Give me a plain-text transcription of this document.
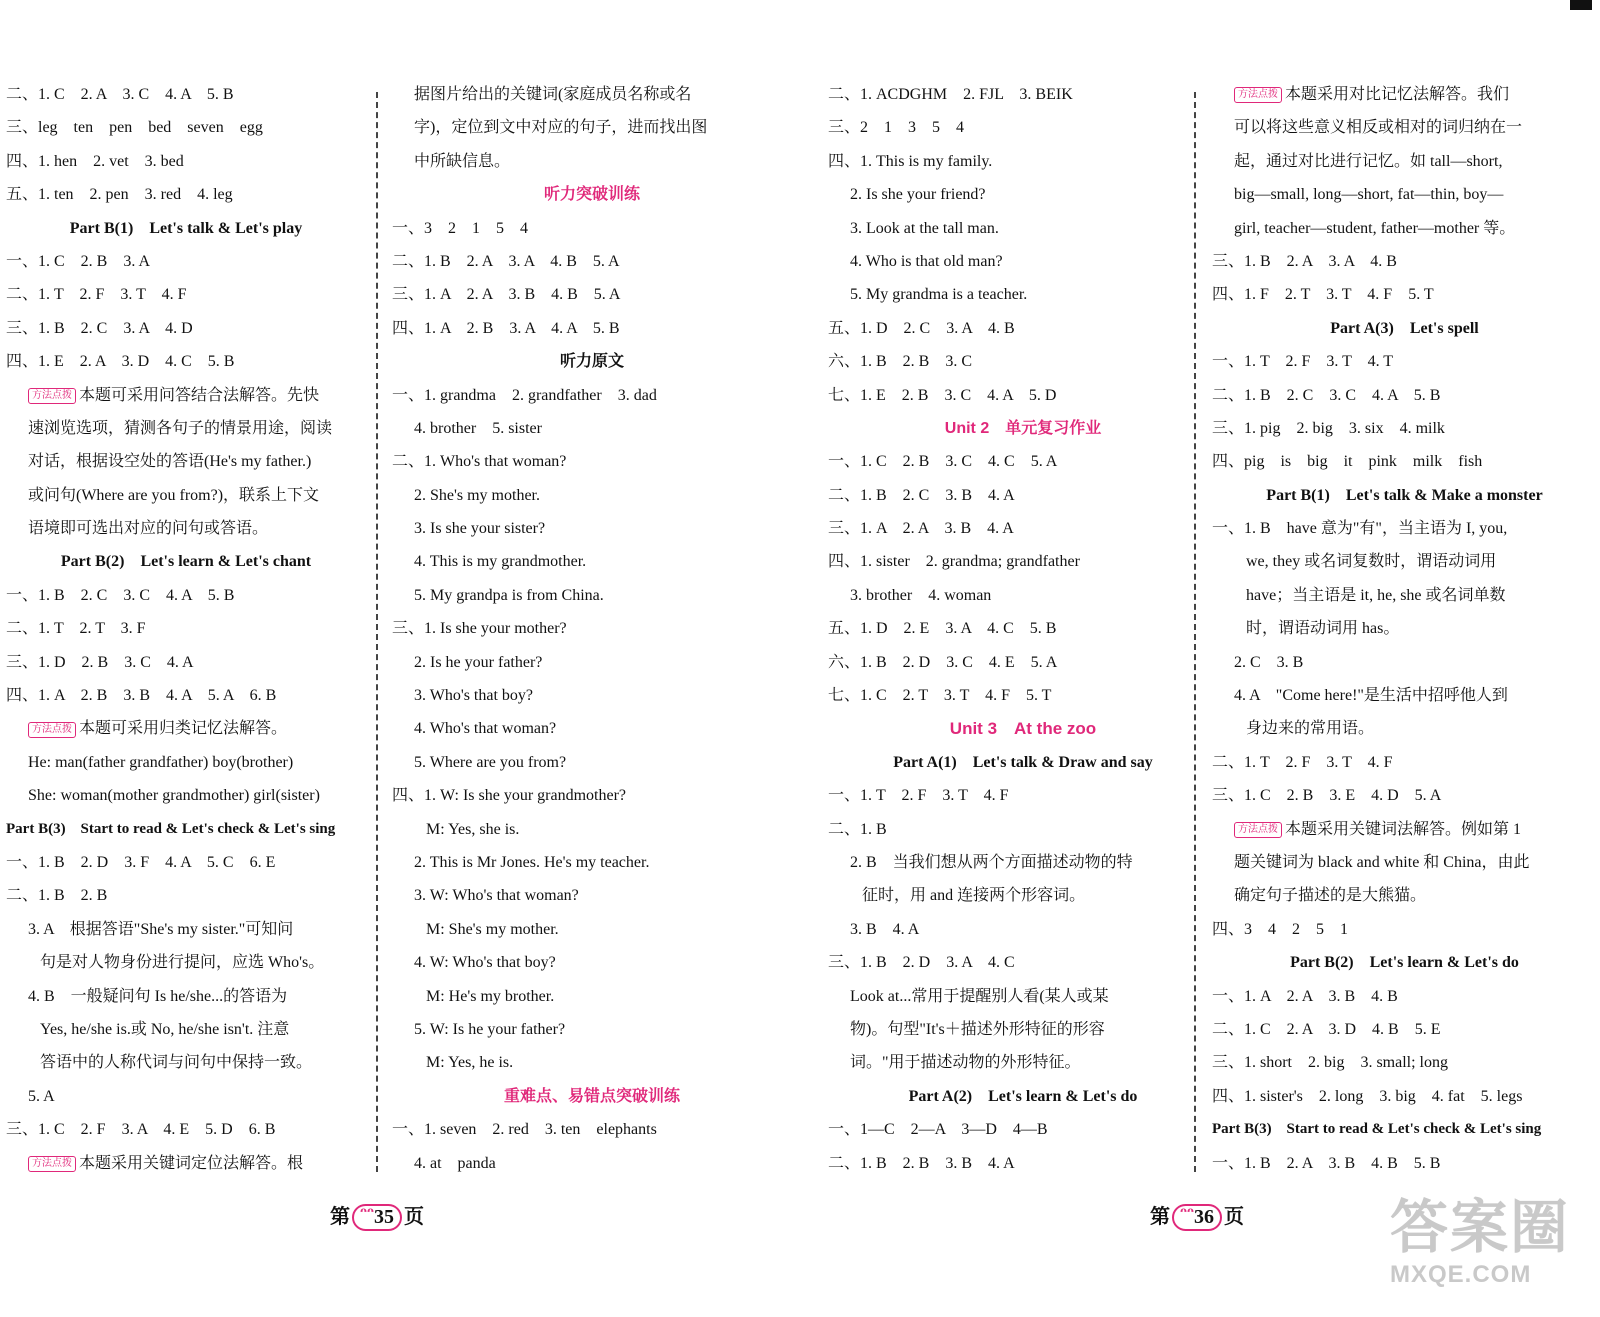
二、1. C　2. A　3. C　4. A　5. B
三、leg　ten　pen　bed　seven　egg
四、1. hen　2. vet　3. bed
五、1. ten　2. pen　3. red　4. leg
Part B(1)　Let's talk & Let's play
一、1. C　2. B　3. A
二、1. T　2. F　3. T　4. F
三、1. B　2. C　3. A　4. D
四、1. E　2. A　3. D　4. C　5. B
方法点拨 本题可采用问答结合法解答。先快
速浏览选项，猜测各句子的情景用途，阅读
对话，根据设空处的答语(He's my father.)
或问句(Where are you from?)，联系上下文
语境即可选出对应的问句或答语。
Part B(2)　Let's learn & Let's chant
一、1. B　2. C　3. C　4. A　5. B
二、1. T　2. T　3. F
三、1. D　2. B　3. C　4. A
四、1. A　2. B　3. B　4. A　5. A　6. B
方法点拨 本题可采用归类记忆法解答。
He: man(father grandfather) boy(brother)
She: woman(mother grandmother) girl(sister)
Part B(3)　Start to read & Let's check & Let's sing
一、1. B　2. D　3. F　4. A　5. C　6. E
二、1. B　2. B
3. A　根据答语"She's my sister."可知问
句是对人物身份进行提问，应选 Who's。
4. B　一般疑问句 Is he/she...的答语为
Yes, he/she is.或 No, he/she isn't. 注意
答语中的人称代词与问句中保持一致。
5. A
三、1. C　2. F　3. A　4. E　5. D　6. B
方法点拨 本题采用关键词定位法解答。根
据图片给出的关键词(家庭成员名称或名
字)，定位到文中对应的句子，进而找出图
中所缺信息。
听力突破训练
一、3　2　1　5　4
二、1. B　2. A　3. A　4. B　5. A
三、1. A　2. A　3. B　4. B　5. A
四、1. A　2. B　3. A　4. A　5. B
听力原文
一、1. grandma　2. grandfather　3. dad
4. brother　5. sister
二、1. Who's that woman?
2. She's my mother.
3. Is she your sister?
4. This is my grandmother.
5. My grandpa is from China.
三、1. Is she your mother?
2. Is he your father?
3. Who's that boy?
4. Who's that woman?
5. Where are you from?
四、1. W: Is she your grandmother?
M: Yes, she is.
2. This is Mr Jones. He's my teacher.
3. W: Who's that woman?
M: She's my mother.
4. W: Who's that boy?
M: He's my brother.
5. W: Is he your father?
M: Yes, he is.
重难点、易错点突破训练
一、1. seven　2. red　3. ten　elephants
4. at　panda
二、1. ACDGHM　2. FJL　3. BEIK
三、2　1　3　5　4
四、1. This is my family.
2. Is she your friend?
3. Look at the tall man.
4. Who is that old man?
5. My grandma is a teacher.
五、1. D　2. C　3. A　4. B
六、1. B　2. B　3. C
七、1. E　2. B　3. C　4. A　5. D
Unit 2　单元复习作业
一、1. C　2. B　3. C　4. C　5. A
二、1. B　2. C　3. B　4. A
三、1. A　2. A　3. B　4. A
四、1. sister　2. grandma; grandfather
3. brother　4. woman
五、1. D　2. E　3. A　4. C　5. B
六、1. B　2. D　3. C　4. E　5. A
七、1. C　2. T　3. T　4. F　5. T
Unit 3　At the zoo
Part A(1)　Let's talk & Draw and say
一、1. T　2. F　3. T　4. F
二、1. B
2. B　当我们想从两个方面描述动物的特
征时，用 and 连接两个形容词。
3. B　4. A
三、1. B　2. D　3. A　4. C
Look at...常用于提醒别人看(某人或某
物)。句型"It's＋描述外形特征的形容
词。"用于描述动物的外形特征。
Part A(2)　Let's learn & Let's do
一、1—C　2—A　3—D　4—B
二、1. B　2. B　3. B　4. A
方法点拨 本题采用对比记忆法解答。我们
可以将这些意义相反或相对的词归纳在一
起，通过对比进行记忆。如 tall—short,
big—small, long—short, fat—thin, boy—
girl, teacher—student, father—mother 等。
三、1. B　2. A　3. A　4. B
四、1. F　2. T　3. T　4. F　5. T
Part A(3)　Let's spell
一、1. T　2. F　3. T　4. T
二、1. B　2. C　3. C　4. A　5. B
三、1. pig　2. big　3. six　4. milk
四、pig　is　big　it　pink　milk　fish
Part B(1)　Let's talk & Make a monster
一、1. B　have 意为"有"，当主语为 I, you,
we, they 或名词复数时，谓语动词用
have；当主语是 it, he, she 或名词单数
时，谓语动词用 has。
2. C　3. B
4. A　"Come here!"是生活中招呼他人到
身边来的常用语。
二、1. T　2. F　3. T　4. F
三、1. C　2. B　3. E　4. D　5. A
方法点拨 本题采用关键词法解答。例如第 1
题关键词为 black and white 和 China，由此
确定句子描述的是大熊猫。
四、3　4　2　5　1
Part B(2)　Let's learn & Let's do
一、1. A　2. A　3. B　4. B
二、1. C　2. A　3. D　4. B　5. E
三、1. short　2. big　3. small; long
四、1. sister's　2. long　3. big　4. fat　5. legs
Part B(3)　Start to read & Let's check & Let's sing
一、1. B　2. A　3. B　4. B　5. B
第 $^{ᴖᴖ}$35 页	第 $^{ᴖᴖ}$36 页	答案圈
MXQE.COM
